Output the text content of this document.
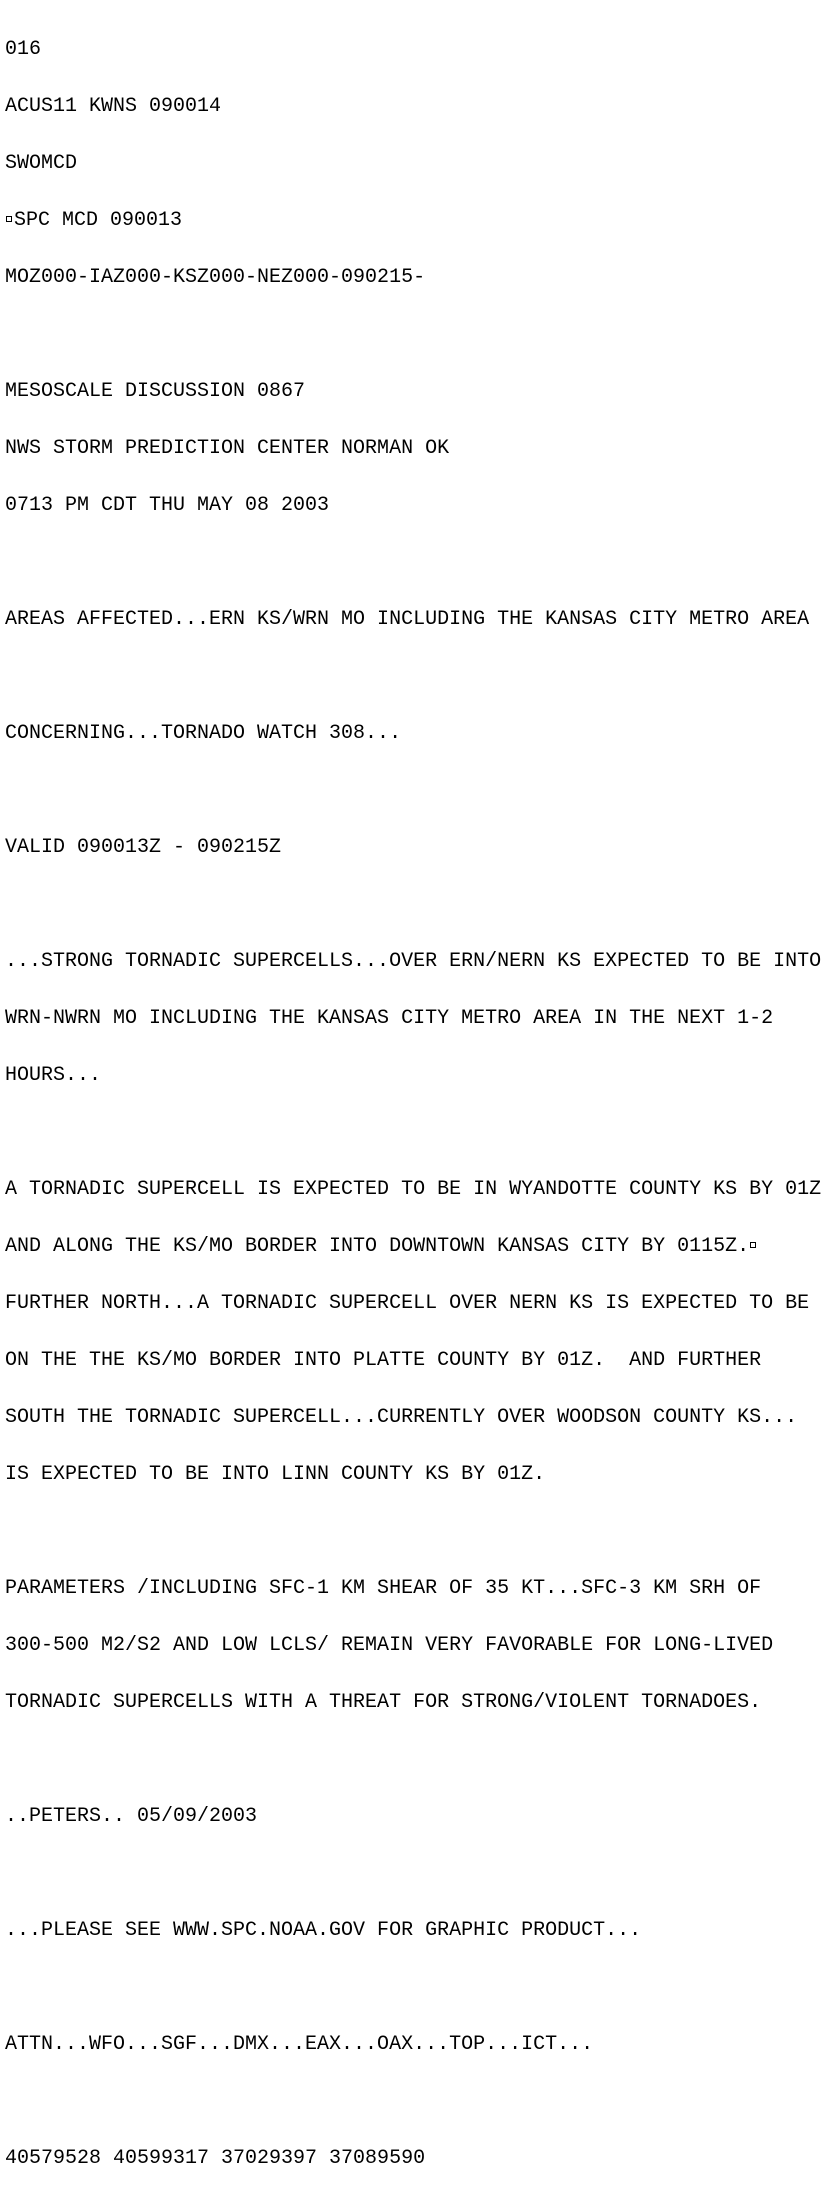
016

ACUS11 KWNS 090014

SWOMCD

SPC MCD 090013

MOZ000-IAZ000-KSZ000-NEZ000-090215-

MESOSCALE DISCUSSION 0867

NWS STORM PREDICTION CENTER NORMAN OK

0713 PM CDT THU MAY 08 2003

AREAS AFFECTED...ERN KS/WRN MO INCLUDING THE KANSAS CITY METRO AREA

CONCERNING...TORNADO WATCH 308...

VALID 090013Z - 090215Z

...STRONG TORNADIC SUPERCELLS...OVER ERN/NERN KS EXPECTED TO BE INTO

WRN-NWRN MO INCLUDING THE KANSAS CITY METRO AREA IN THE NEXT 1-2

HOURS...

A TORNADIC SUPERCELL IS EXPECTED TO BE IN WYANDOTTE COUNTY KS BY 01Z

AND ALONG THE KS/MO BORDER INTO DOWNTOWN KANSAS CITY BY 0115Z.

FURTHER NORTH...A TORNADIC SUPERCELL OVER NERN KS IS EXPECTED TO BE

ON THE THE KS/MO BORDER INTO PLATTE COUNTY BY 01Z.  AND FURTHER

SOUTH THE TORNADIC SUPERCELL...CURRENTLY OVER WOODSON COUNTY KS...

IS EXPECTED TO BE INTO LINN COUNTY KS BY 01Z.

PARAMETERS /INCLUDING SFC-1 KM SHEAR OF 35 KT...SFC-3 KM SRH OF

300-500 M2/S2 AND LOW LCLS/ REMAIN VERY FAVORABLE FOR LONG-LIVED

TORNADIC SUPERCELLS WITH A THREAT FOR STRONG/VIOLENT TORNADOES.

..PETERS.. 05/09/2003

...PLEASE SEE WWW.SPC.NOAA.GOV FOR GRAPHIC PRODUCT...

ATTN...WFO...SGF...DMX...EAX...OAX...TOP...ICT...

40579528 40599317 37029397 37089590
